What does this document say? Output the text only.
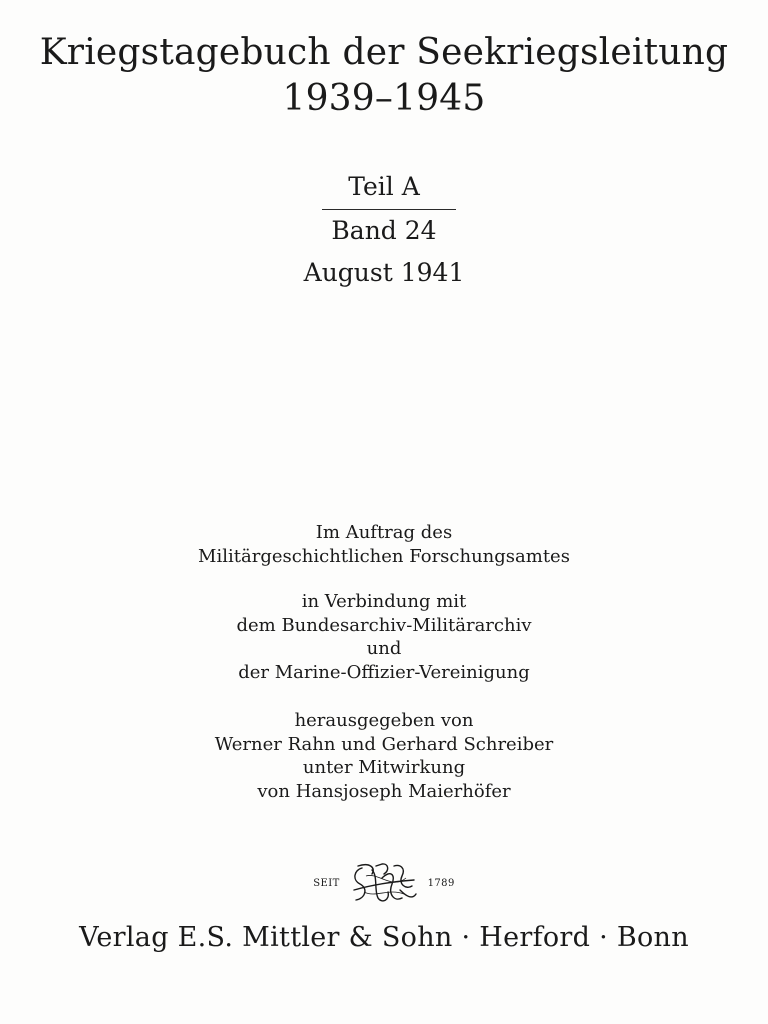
Kriegstagebuch der Seekriegsleitung
1939–1945
Teil A
Band 24
August 1941
Im Auftrag des
Militärgeschichtlichen Forschungsamtes
in Verbindung mit
dem Bundesarchiv-Militärarchiv
und
der Marine-Offizier-Vereinigung
herausgegeben von
Werner Rahn und Gerhard Schreiber
unter Mitwirkung
von Hansjoseph Maierhöfer
SEIT	1789
Verlag E.S. Mittler & Sohn · Herford · Bonn
